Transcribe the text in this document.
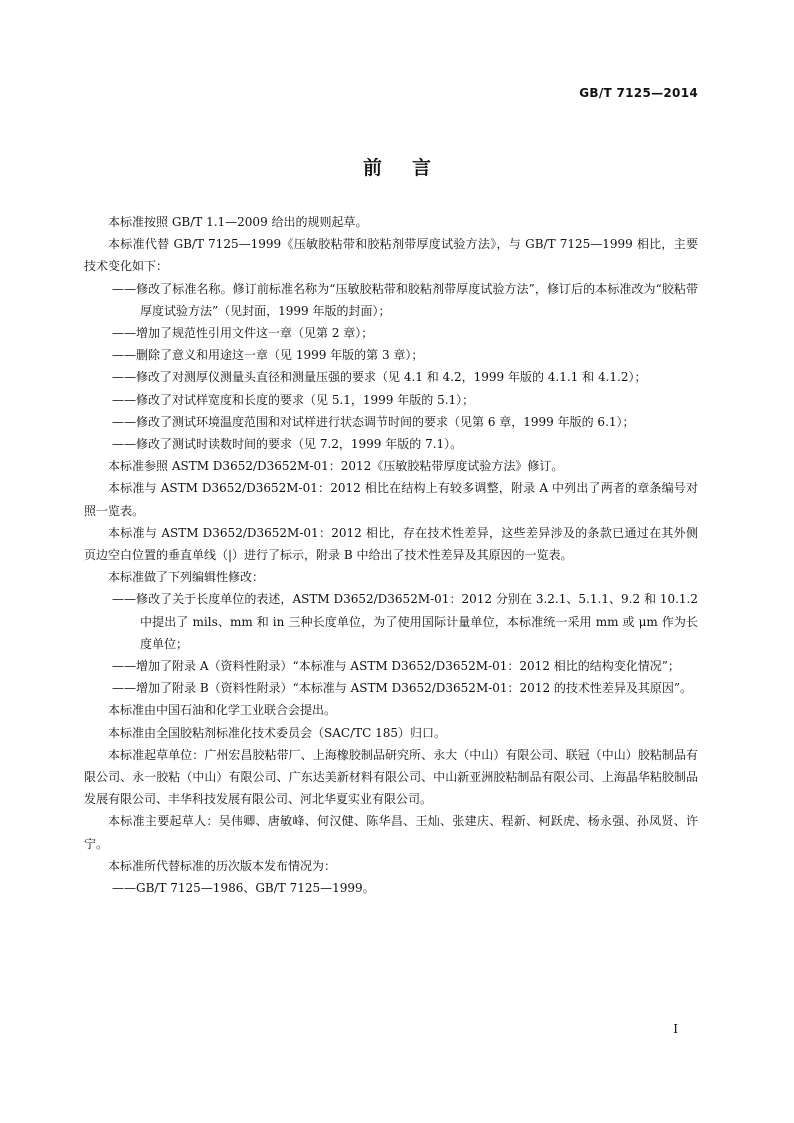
GB/T 7125—2014
前言

本标准按照 GB/T 1.1—2009 给出的规则起草。

本标准代替 GB/T 7125—1999《压敏胶粘带和胶粘剂带厚度试验方法》，与 GB/T 7125—1999 相比，主要技术变化如下：

——修改了标准名称。修订前标准名称为“压敏胶粘带和胶粘剂带厚度试验方法”，修订后的本标准改为“胶粘带厚度试验方法”（见封面，1999 年版的封面）；

——增加了规范性引用文件这一章（见第 2 章）；

——删除了意义和用途这一章（见 1999 年版的第 3 章）；

——修改了对测厚仪测量头直径和测量压强的要求（见 4.1 和 4.2，1999 年版的 4.1.1 和 4.1.2）；

——修改了对试样宽度和长度的要求（见 5.1，1999 年版的 5.1）；

——修改了测试环境温度范围和对试样进行状态调节时间的要求（见第 6 章，1999 年版的 6.1）；

——修改了测试时读数时间的要求（见 7.2，1999 年版的 7.1）。

本标准参照 ASTM D3652/D3652M-01：2012《压敏胶粘带厚度试验方法》修订。

本标准与 ASTM D3652/D3652M-01：2012 相比在结构上有较多调整，附录 A 中列出了两者的章条编号对照一览表。

本标准与 ASTM D3652/D3652M-01：2012 相比，存在技术性差异，这些差异涉及的条款已通过在其外侧页边空白位置的垂直单线（|）进行了标示，附录 B 中给出了技术性差异及其原因的一览表。

本标准做了下列编辑性修改：

——修改了关于长度单位的表述，ASTM D3652/D3652M-01：2012 分别在 3.2.1、5.1.1、9.2 和 10.1.2中提出了 mils、mm 和 in 三种长度单位，为了使用国际计量单位，本标准统一采用 mm 或 μm 作为长度单位；

——增加了附录 A（资料性附录）“本标准与 ASTM D3652/D3652M-01：2012 相比的结构变化情况”；

——增加了附录 B（资料性附录）“本标准与 ASTM D3652/D3652M-01：2012 的技术性差异及其原因”。

本标准由中国石油和化学工业联合会提出。

本标准由全国胶粘剂标准化技术委员会（SAC/TC 185）归口。

本标准起草单位：广州宏昌胶粘带厂、上海橡胶制品研究所、永大（中山）有限公司、联冠（中山）胶粘制品有限公司、永一胶粘（中山）有限公司、广东达美新材料有限公司、中山新亚洲胶粘制品有限公司、上海晶华粘胶制品发展有限公司、丰华科技发展有限公司、河北华夏实业有限公司。

本标准主要起草人：吴伟卿、唐敏峰、何汉健、陈华昌、王灿、张建庆、程新、柯跃虎、杨永强、孙凤贤、许宁。

本标准所代替标准的历次版本发布情况为：

——GB/T 7125—1986、GB/T 7125—1999。

I
